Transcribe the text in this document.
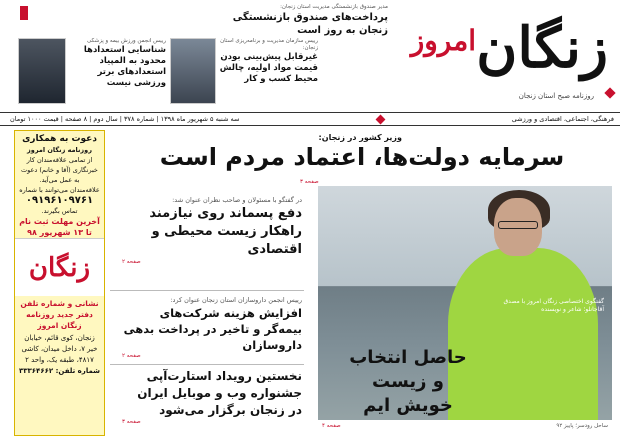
زنگان
امروز
روزنامه صبح استان زنجان
مدیر صندوق بازنشستگی مدیریت استان زنجان:
پرداخت‌های صندوق بازنشستگی زنجان به روز است
رییس سازمان مدیریت و برنامه‌ریزی استان زنجان:
غیرقابل پیش‌بینی بودن قیمت مواد اولیه، چالش محیط کسب و کار
رییس انجمن ورزش بیمه و پزشکی
شناسایی استعدادها محدود به المپیاد استعدادهای برتر ورزشی نیست
فرهنگی، اجتماعی، اقتصادی و ورزشی
سه شنبه ۵ شهریور ماه ۱۳۹۸ | شماره ۳۷۸ | سال دوم | ۸ صفحه | قیمت ۱۰۰۰ تومان
دعوت به همکاری
روزنامه زنگان امروز
از تمامی علاقه‌مندان کار خبرنگاری (آقا و خانم) دعوت به عمل می‌آید.
علاقه‌مندان می‌توانند با شماره
۰۹۱۹۶۱۰۹۷۶۱
تماس بگیرند.
آخرین مهلت ثبت نام تا ۱۳ شهریور ۹۸
زنگان
نشانی و شماره تلفن دفتر جدید روزنامه زنگان امروز
زنجان، کوی قائم، خیابان خیر ۷، داخل میدان، کاشی ۴۸۱۷، طبقه یک، واحد ۲
شماره تلفن: ۳۳۳۶۴۶۶۲
وزیر کشور در زنجان:
سرمایه دولت‌ها، اعتماد مردم است
صفحه ۳
در گفتگو با مسئولان و صاحب نظران عنوان شد:
دفع پسماند روی نیازمند راهکار زیست محیطی و اقتصادی
صفحه ۲
رییس انجمن داروسازان استان زنجان عنوان کرد:
افزایش هزینه شرکت‌های بیمه‌گر و تاخیر در پرداخت بدهی داروسازان
صفحه ۲
نخستین رویداد استارت‌آپی جشنواره وب و موبایل ایران در زنجان برگزار می‌شود
صفحه ۳
گفتگوی اختصاصی زنگان امروز با مصدق آقاجانلو؛ شاعر و نویسنده
حاصل انتخاب و زیست خویش ایم
ساحل رودسر؛ پاییز ۹۲
صفحه ۴
